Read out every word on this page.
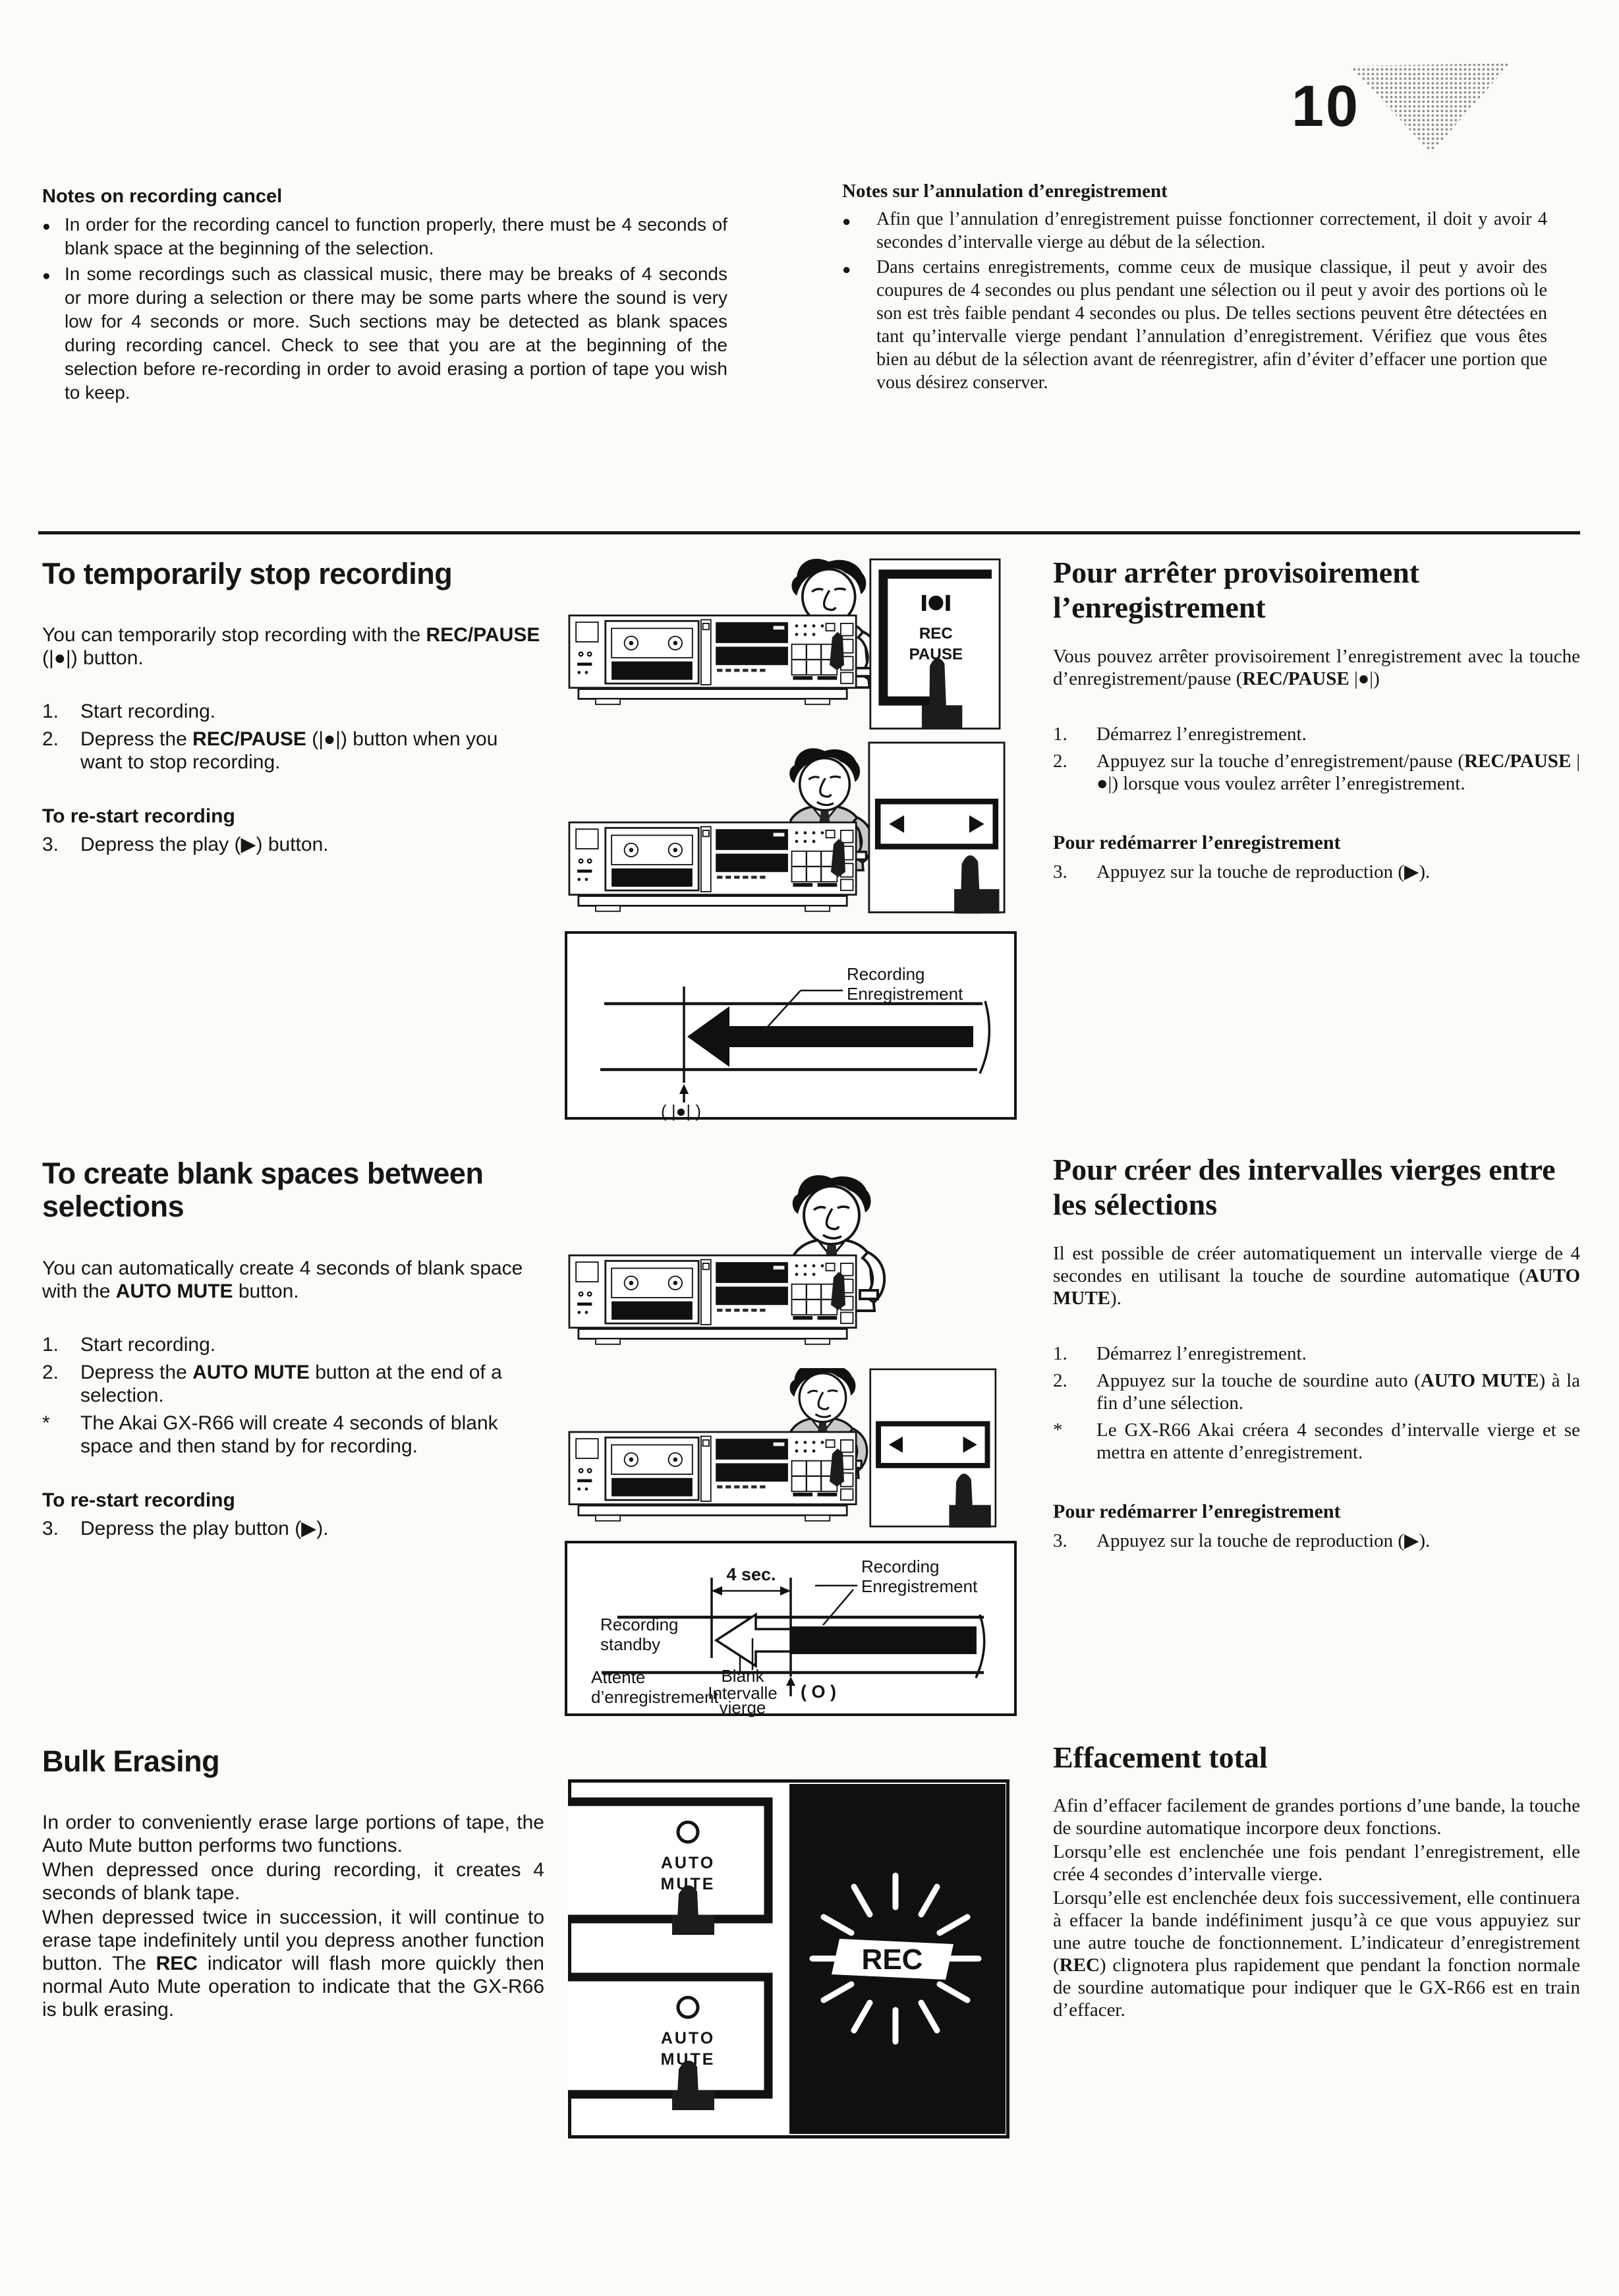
10
Notes on recording cancel
● In order for the recording cancel to function properly, there must be 4 seconds of blank space at the beginning of the selection.

● In some recordings such as classical music, there may be breaks of 4 seconds or more during a selection or there may be some parts where the sound is very low for 4 seconds or more. Such sections may be detected as blank spaces during recording cancel. Check to see that you are at the beginning of the selection before re-recording in order to avoid erasing a portion of tape you wish to keep.

Notes sur l’annulation d’enregistrement
●	Afin que l’annulation d’enregistrement puisse fonctionner correctement, il doit y avoir 4 secondes d’intervalle vierge au début de la sélection.

●	Dans certains enregistrements, comme ceux de musique classique, il peut y avoir des coupures de 4 secondes ou plus pendant une sélection ou il peut y avoir des portions où le son est très faible pendant 4 secondes ou plus. De telles sections peuvent être détectées en tant qu’intervalle vierge pendant l’annulation d’enregistrement. Vérifiez que vous êtes bien au début de la sélection avant de réenregistrer, afin d’éviter d’effacer une portion que vous désirez conserver.

To temporarily stop recording

You can temporarily stop recording with the REC/PAUSE (|●|) button.

1.	Start recording.
2.	Depress the REC/PAUSE (|●|) button when you want to stop recording.
To re-start recording
3.	Depress the play (▶) button.
( |●| )
Recording
Enregistrement
Pour arrêter provisoirement l’enregistrement

Vous pouvez arrêter provisoirement l’enregistrement avec la touche d’enregistrement/pause (REC/PAUSE |●|)

1.	Démarrez l’enregistrement.
2.	Appuyez sur la touche d’enregistrement/pause (REC/PAUSE |●|) lorsque vous voulez arrêter l’enregistrement.
Pour redémarrer l’enregistrement
3.	Appuyez sur la touche de reproduction (▶).
To create blank spaces between selections

You can automatically create 4 seconds of blank space with the AUTO MUTE button.

1.	Start recording.
2.	Depress the AUTO MUTE button at the end of a selection.
*	The Akai GX-R66 will create 4 seconds of blank space and then stand by for recording.
To re-start recording
3.	Depress the play button (▶).
4 sec.
( O )
Recording
Enregistrement
Recording
standby
Attente
d’enregistrement
Blank
Intervalle
vierge
Pour créer des intervalles vierges entre les sélections

Il est possible de créer automatiquement un intervalle vierge de 4 secondes en utilisant la touche de sourdine automatique (AUTO MUTE).

1.	Démarrez l’enregistrement.
2.	Appuyez sur la touche de sourdine auto (AUTO MUTE) à la fin d’une sélection.
*	Le GX-R66 Akai créera 4 secondes d’intervalle vierge et se mettra en attente d’enregistrement.
Pour redémarrer l’enregistrement
3.	Appuyez sur la touche de reproduction (▶).
Bulk Erasing

In order to conveniently erase large portions of tape, the Auto Mute button performs two functions.

When depressed once during recording, it creates 4 seconds of blank tape.

When depressed twice in succession, it will continue to erase tape indefinitely until you depress another function button. The REC indicator will flash more quickly then normal Auto Mute operation to indicate that the GX-R66 is bulk erasing.

REC
Effacement total

Afin d’effacer facilement de grandes portions d’une bande, la touche de sourdine automatique incorpore deux fonctions.

Lorsqu’elle est enclenchée une fois pendant l’enregistrement, elle crée 4 secondes d’intervalle vierge.

Lorsqu’elle est enclenchée deux fois successivement, elle continuera à effacer la bande indéfiniment jusqu’à ce que vous appuyiez sur une autre touche de fonctionnement. L’indicateur d’enregistrement (REC) clignotera plus rapidement que pendant la fonction normale de sourdine automatique pour indiquer que le GX-R66 est en train d’effacer.
